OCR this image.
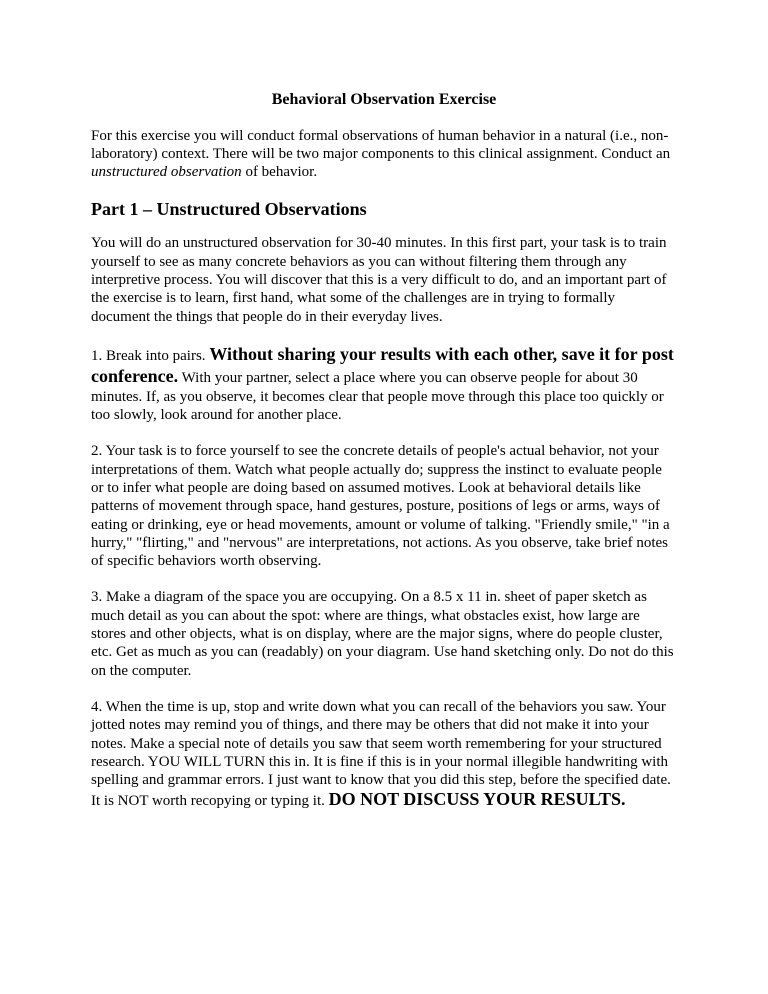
Behavioral Observation Exercise

For this exercise you will conduct formal observations of human behavior in a natural (i.e., non-laboratory) context. There will be two major components to this clinical assignment. Conduct an unstructured observation of behavior.

Part 1 – Unstructured Observations

You will do an unstructured observation for 30-40 minutes. In this first part, your task is to train yourself to see as many concrete behaviors as you can without filtering them through any interpretive process. You will discover that this is a very difficult to do, and an important part of the exercise is to learn, first hand, what some of the challenges are in trying to formally document the things that people do in their everyday lives.

1. Break into pairs. Without sharing your results with each other, save it for post conference. With your partner, select a place where you can observe people for about 30 minutes. If, as you observe, it becomes clear that people move through this place too quickly or too slowly, look around for another place.

2. Your task is to force yourself to see the concrete details of people's actual behavior, not your interpretations of them. Watch what people actually do; suppress the instinct to evaluate people or to infer what people are doing based on assumed motives. Look at behavioral details like patterns of movement through space, hand gestures, posture, positions of legs or arms, ways of eating or drinking, eye or head movements, amount or volume of talking. "Friendly smile," "in a hurry," "flirting," and "nervous" are interpretations, not actions. As you observe, take brief notes of specific behaviors worth observing.

3. Make a diagram of the space you are occupying. On a 8.5 x 11 in. sheet of paper sketch as much detail as you can about the spot: where are things, what obstacles exist, how large are stores and other objects, what is on display, where are the major signs, where do people cluster, etc. Get as much as you can (readably) on your diagram. Use hand sketching only. Do not do this on the computer.

4. When the time is up, stop and write down what you can recall of the behaviors you saw. Your jotted notes may remind you of things, and there may be others that did not make it into your notes. Make a special note of details you saw that seem worth remembering for your structured research. YOU WILL TURN this in. It is fine if this is in your normal illegible handwriting with spelling and grammar errors. I just want to know that you did this step, before the specified date. It is NOT worth recopying or typing it. DO NOT DISCUSS YOUR RESULTS.
